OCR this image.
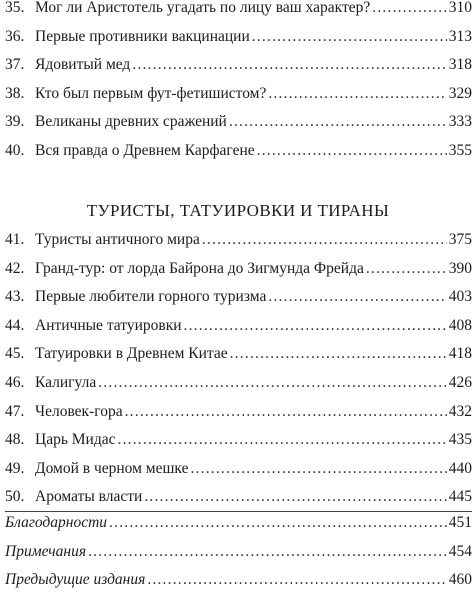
35. Мог ли Аристотель угадать по лицу ваш характер? .....	310
36. Первые противники вакцинации .....	313
37. Ядовитый мед .....	318
38. Кто был первым фут-фетишистом? .....	329
39. Великаны древних сражений .....	333
40. Вся правда о Древнем Карфагене .....	355
ТУРИСТЫ, ТАТУИРОВКИ И ТИРАНЫ
41. Туристы античного мира .....	375
42. Гранд-тур: от лорда Байрона до Зигмунда Фрейда .....	390
43. Первые любители горного туризма .....	403
44. Античные татуировки .....	408
45. Татуировки в Древнем Китае .....	418
46. Калигула .....	426
47. Человек-гора .....	432
48. Царь Мидас .....	435
49. Домой в черном мешке .....	440
50. Ароматы власти .....	445
Благодарности .....	451
Примечания .....	454
Предыдущие издания .....	460
